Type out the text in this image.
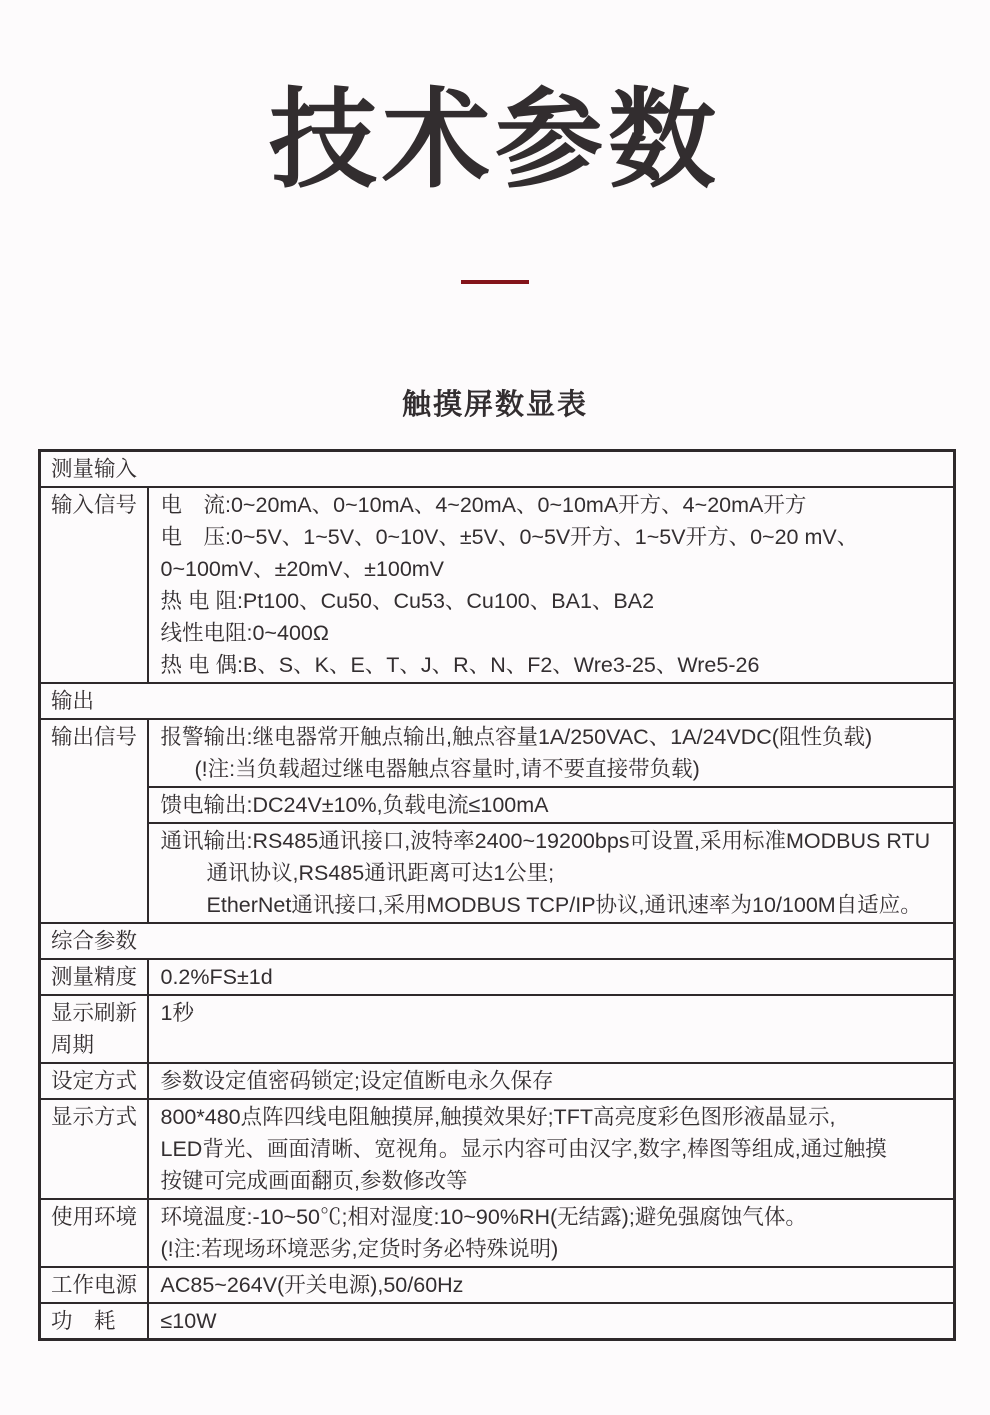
技术参数
触摸屏数显表
测量输入	
输入信号	电　流:0~20mA、0~10mA、4~20mA、0~10mA开方、4~20mA开方
电　压:0~5V、1~5V、0~10V、±5V、0~5V开方、1~5V开方、0~20 mV、
0~100mV、±20mV、±100mV
热 电 阻:Pt100、Cu50、Cu53、Cu100、BA1、BA2
线性电阻:0~400Ω
热 电 偶:B、S、K、E、T、J、R、N、F2、Wre3-25、Wre5-26

输出	
输出信号	报警输出:继电器常开触点输出,触点容量1A/250VAC、1A/24VDC(阻性负载)
(!注:当负载超过继电器触点容量时,请不要直接带负载)

	馈电输出:DC24V±10%,负载电流≤100mA

	通讯输出:RS485通讯接口,波特率2400~19200bps可设置,采用标准MODBUS RTU
通讯协议,RS485通讯距离可达1公里;
EtherNet通讯接口,采用MODBUS TCP/IP协议,通讯速率为10/100M自适应。

综合参数	
测量精度	0.2%FS±1d

显示刷新
周期	1秒

设定方式	参数设定值密码锁定;设定值断电永久保存

显示方式	800*480点阵四线电阻触摸屏,触摸效果好;TFT高亮度彩色图形液晶显示,
LED背光、画面清晰、宽视角。显示内容可由汉字,数字,棒图等组成,通过触摸
按键可完成画面翻页,参数修改等

使用环境	环境温度:-10~50℃;相对湿度:10~90%RH(无结露);避免强腐蚀气体。
(!注:若现场环境恶劣,定货时务必特殊说明)

工作电源	AC85~264V(开关电源),50/60Hz

功　耗	≤10W
